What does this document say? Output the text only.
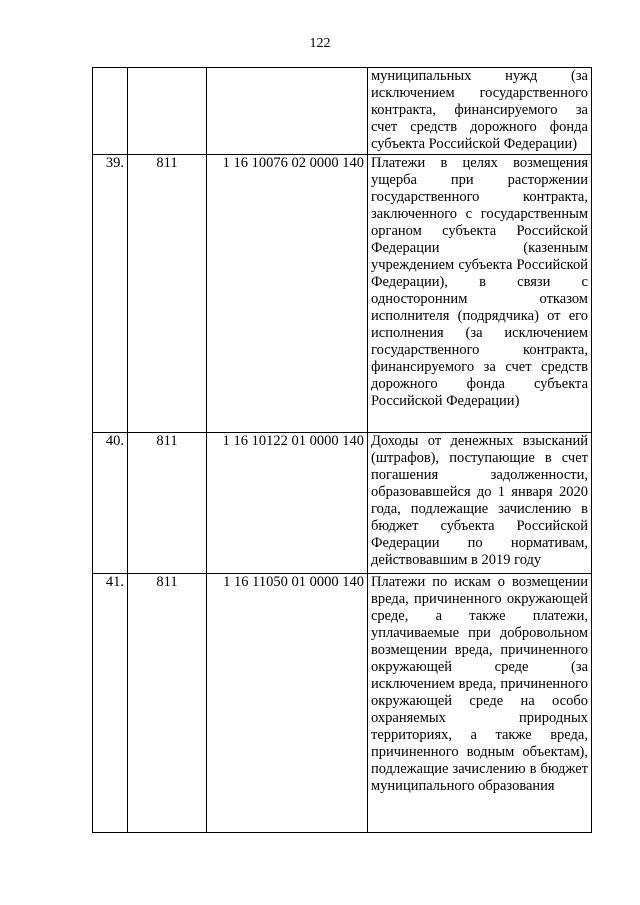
122
			муниципальных нужд (за исключением государственного контракта, финансируемого за счет средств дорожного фонда субъекта Российской Федерации)
39.	811	1 16 10076 02 0000 140	Платежи в целях возмещения ущерба при расторжении государственного контракта, заключенного с государственным органом субъекта Российской Федерации (казенным учреждением субъекта Российской Федерации), в связи с односторонним отказом исполнителя (подрядчика) от его исполнения (за исключением государственного контракта, финансируемого за счет средств дорожного фонда субъекта Российской Федерации)
40.	811	1 16 10122 01 0000 140	Доходы от денежных взысканий (штрафов), поступающие в счет погашения задолженности, образовавшейся до 1 января 2020 года, подлежащие зачислению в бюджет субъекта Российской Федерации по нормативам, действовавшим в 2019 году
41.	811	1 16 11050 01 0000 140	Платежи по искам о возмещении вреда, причиненного окружающей среде, а также платежи, уплачиваемые при добровольном возмещении вреда, причиненного окружающей среде (за исключением вреда, причиненного окружающей среде на особо охраняемых природных территориях, а также вреда, причиненного водным объектам), подлежащие зачислению в бюджет муниципального образования
